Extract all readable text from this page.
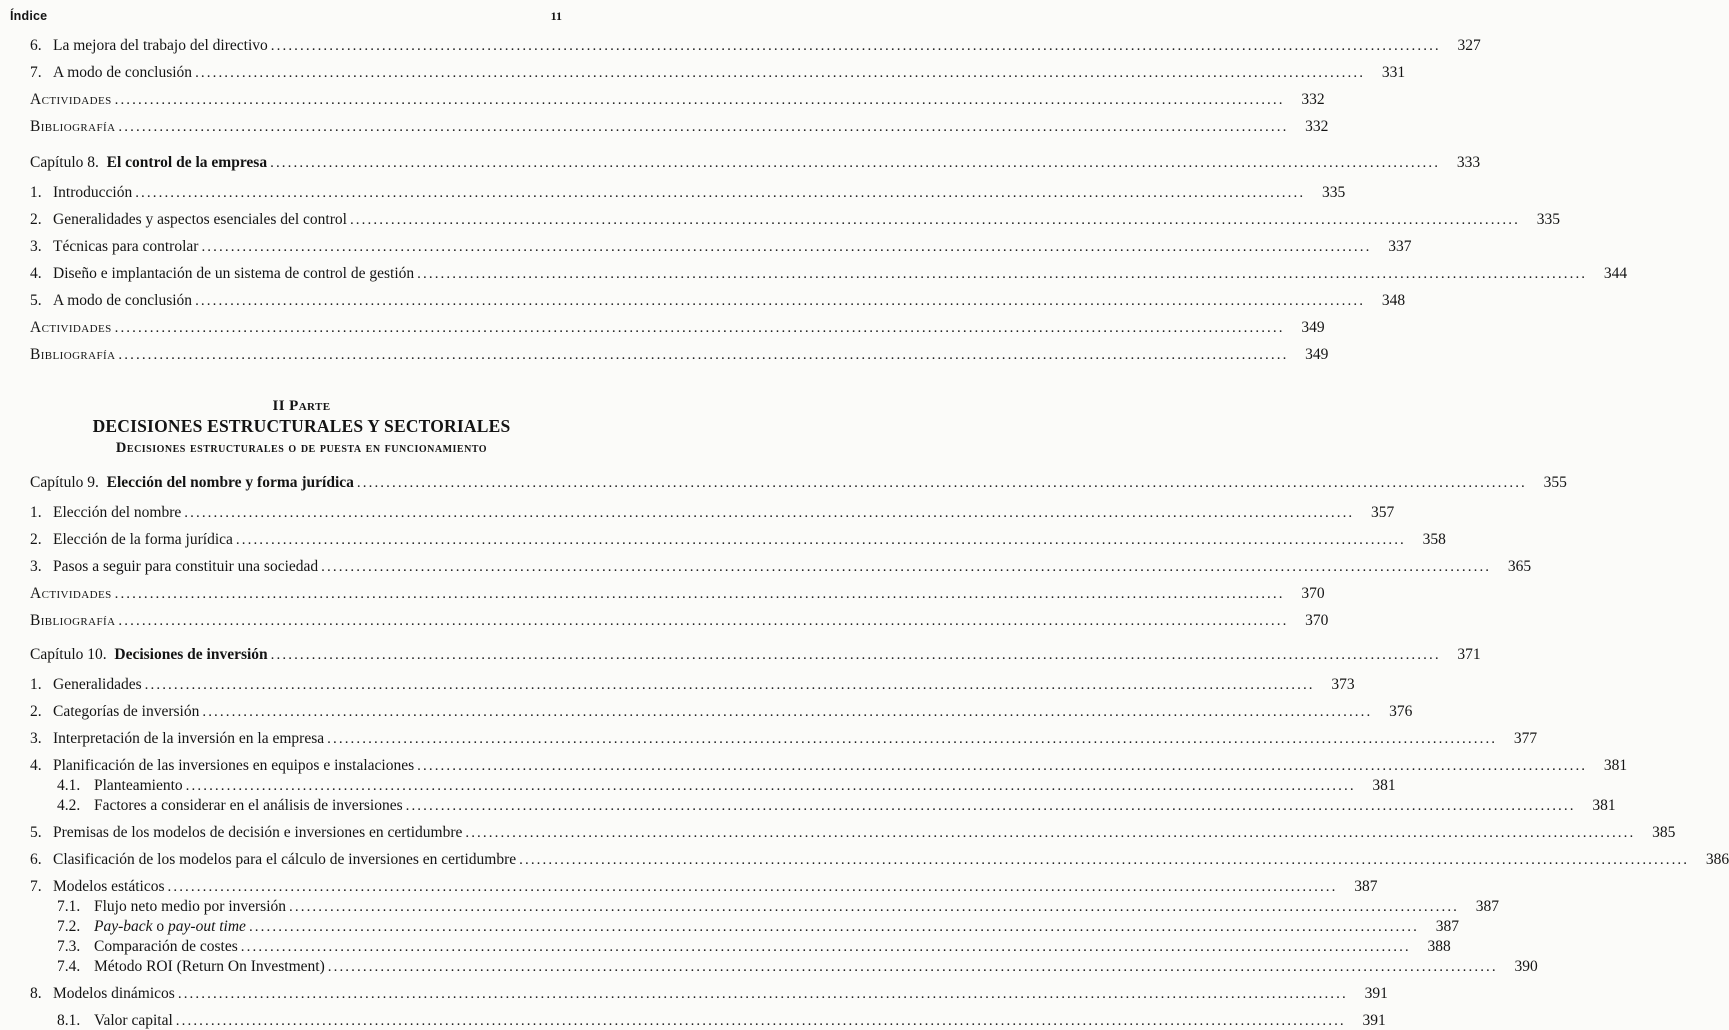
Índice	11
6. La mejora del trabajo del directivo .....	327
7. A modo de conclusión .....	331
Actividades .....	332
Bibliografía .....	332
Capítulo 8. El control de la empresa .....	333
1. Introducción .....	335
2. Generalidades y aspectos esenciales del control .....	335
3. Técnicas para controlar .....	337
4. Diseño e implantación de un sistema de control de gestión .....	344
5. A modo de conclusión .....	348
Actividades .....	349
Bibliografía .....	349
II Parte
DECISIONES ESTRUCTURALES Y SECTORIALES
Decisiones estructurales o de puesta en funcionamiento
Capítulo 9. Elección del nombre y forma jurídica .....	355
1. Elección del nombre .....	357
2. Elección de la forma jurídica .....	358
3. Pasos a seguir para constituir una sociedad .....	365
Actividades .....	370
Bibliografía .....	370
Capítulo 10. Decisiones de inversión .....	371
1. Generalidades .....	373
2. Categorías de inversión .....	376
3. Interpretación de la inversión en la empresa .....	377
4. Planificación de las inversiones en equipos e instalaciones .....	381
4.1. Planteamiento .....	381
4.2. Factores a considerar en el análisis de inversiones .....	381
5. Premisas de los modelos de decisión e inversiones en certidumbre .....	385
6. Clasificación de los modelos para el cálculo de inversiones en certidumbre .....	386
7. Modelos estáticos .....	387
7.1. Flujo neto medio por inversión .....	387
7.2. Pay-back o pay-out time .....	387
7.3. Comparación de costes .....	388
7.4. Método ROI (Return On Investment) .....	390
8. Modelos dinámicos .....	391
8.1. Valor capital .....	391
